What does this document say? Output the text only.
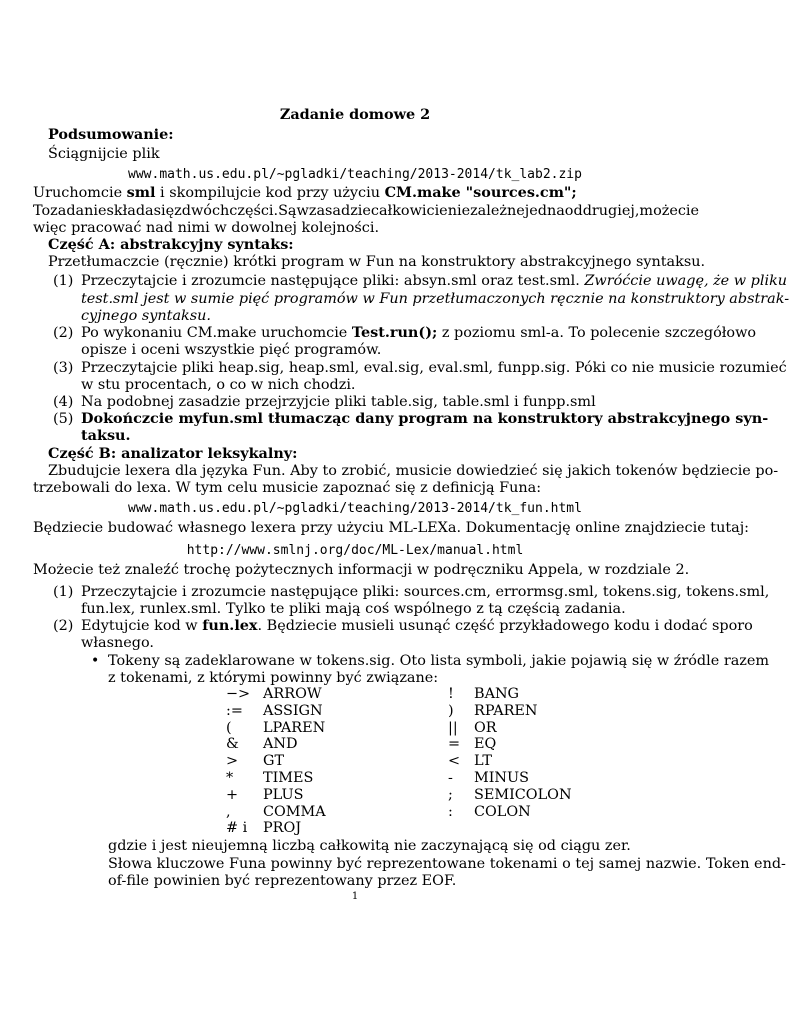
Zadanie domowe 2
Podsumowanie:
Ściągnijcie plik
www.math.us.edu.pl/~pgladki/teaching/2013-2014/tk_lab2.zip
Uruchomcie sml i skompilujcie kod przy użyciu CM.make "sources.cm";
To zadanie składa się z dwóch części. Są w zasadzie całkowicie niezależne jedna od drugiej, możecie
więc pracować nad nimi w dowolnej kolejności.
Część A: abstrakcyjny syntaks:
Przetłumaczcie (ręcznie) krótki program w Fun na konstruktory abstrakcyjnego syntaksu.
(1) Przeczytajcie i zrozumcie następujące pliki: absyn.sml oraz test.sml. Zwróćcie uwagę, że w pliku
test.sml jest w sumie pięć programów w Fun przetłumaczonych ręcznie na konstruktory abstrak-
cyjnego syntaksu.
(2) Po wykonaniu CM.make uruchomcie Test.run(); z poziomu sml-a. To polecenie szczegółowo
opisze i oceni wszystkie pięć programów.
(3) Przeczytajcie pliki heap.sig, heap.sml, eval.sig, eval.sml, funpp.sig. Póki co nie musicie rozumieć
w stu procentach, o co w nich chodzi.
(4) Na podobnej zasadzie przejrzyjcie pliki table.sig, table.sml i funpp.sml
(5) Dokończcie myfun.sml tłumacząc dany program na konstruktory abstrakcyjnego syn-
taksu.
Część B: analizator leksykalny:
Zbudujcie lexera dla języka Fun. Aby to zrobić, musicie dowiedzieć się jakich tokenów będziecie po-
trzebowali do lexa. W tym celu musicie zapoznać się z definicją Funa:
www.math.us.edu.pl/~pgladki/teaching/2013-2014/tk_fun.html
Będziecie budować własnego lexera przy użyciu ML-LEXa. Dokumentację online znajdziecie tutaj:
http://www.smlnj.org/doc/ML-Lex/manual.html
Możecie też znaleźć trochę pożytecznych informacji w podręczniku Appela, w rozdziale 2.
(1) Przeczytajcie i zrozumcie następujące pliki: sources.cm, errormsg.sml, tokens.sig, tokens.sml,
fun.lex, runlex.sml. Tylko te pliki mają coś wspólnego z tą częścią zadania.
(2) Edytujcie kod w fun.lex. Będziecie musieli usunąć część przykładowego kodu i dodać sporo
własnego.
• Tokeny są zadeklarowane w tokens.sig. Oto lista symboli, jakie pojawią się w źródle razem
z tokenami, z którymi powinny być związane:
−> ARROW
:= ASSIGN
( LPAREN
& AND
> GT
* TIMES
+ PLUS
, COMMA
# i PROJ
! BANG
) RPAREN
|| OR
= EQ
< LT
- MINUS
; SEMICOLON
: COLON
gdzie i jest nieujemną liczbą całkowitą nie zaczynającą się od ciągu zer.
Słowa kluczowe Funa powinny być reprezentowane tokenami o tej samej nazwie. Token end-
of-file powinien być reprezentowany przez EOF.
1
